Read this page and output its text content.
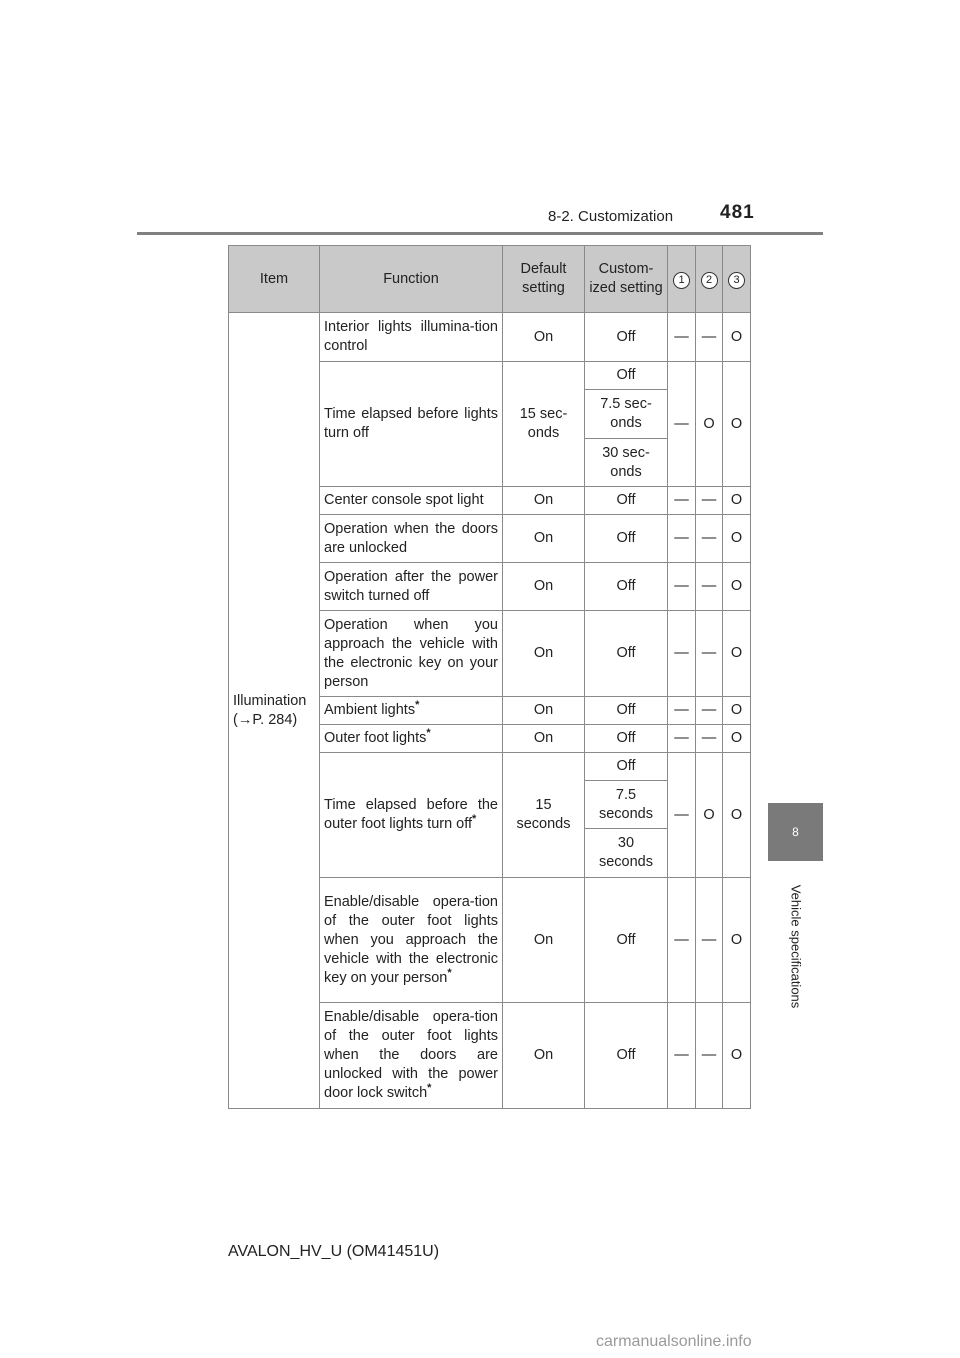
8-2. Customization 481
8
Vehicle specifications
Item	Function	Default setting	Custom-ized setting	1	2	3
Illumination
(→P. 284)	Interior lights illumina-tion control	On	Off	—	—	O
	Time elapsed before lights turn off	15 sec-onds	Off	—	O	O
			7.5 sec-onds			
			30 sec-onds			
	Center console spot light	On	Off	—	—	O
	Operation when the doors are unlocked	On	Off	—	—	O
	Operation after the power switch turned off	On	Off	—	—	O
	Operation when you approach the vehicle with the electronic key on your person	On	Off	—	—	O
	Ambient lights*	On	Off	—	—	O
	Outer foot lights*	On	Off	—	—	O
	Time elapsed before the outer foot lights turn off*	15 seconds	Off	—	O	O
			7.5 seconds			
			30 seconds			
	Enable/disable opera-tion of the outer foot lights when you approach the vehicle with the electronic key on your person*	On	Off	—	—	O
	Enable/disable opera-tion of the outer foot lights when the doors are unlocked with the power door lock switch*	On	Off	—	—	O
AVALON_HV_U (OM41451U)
carmanualsonline.info
